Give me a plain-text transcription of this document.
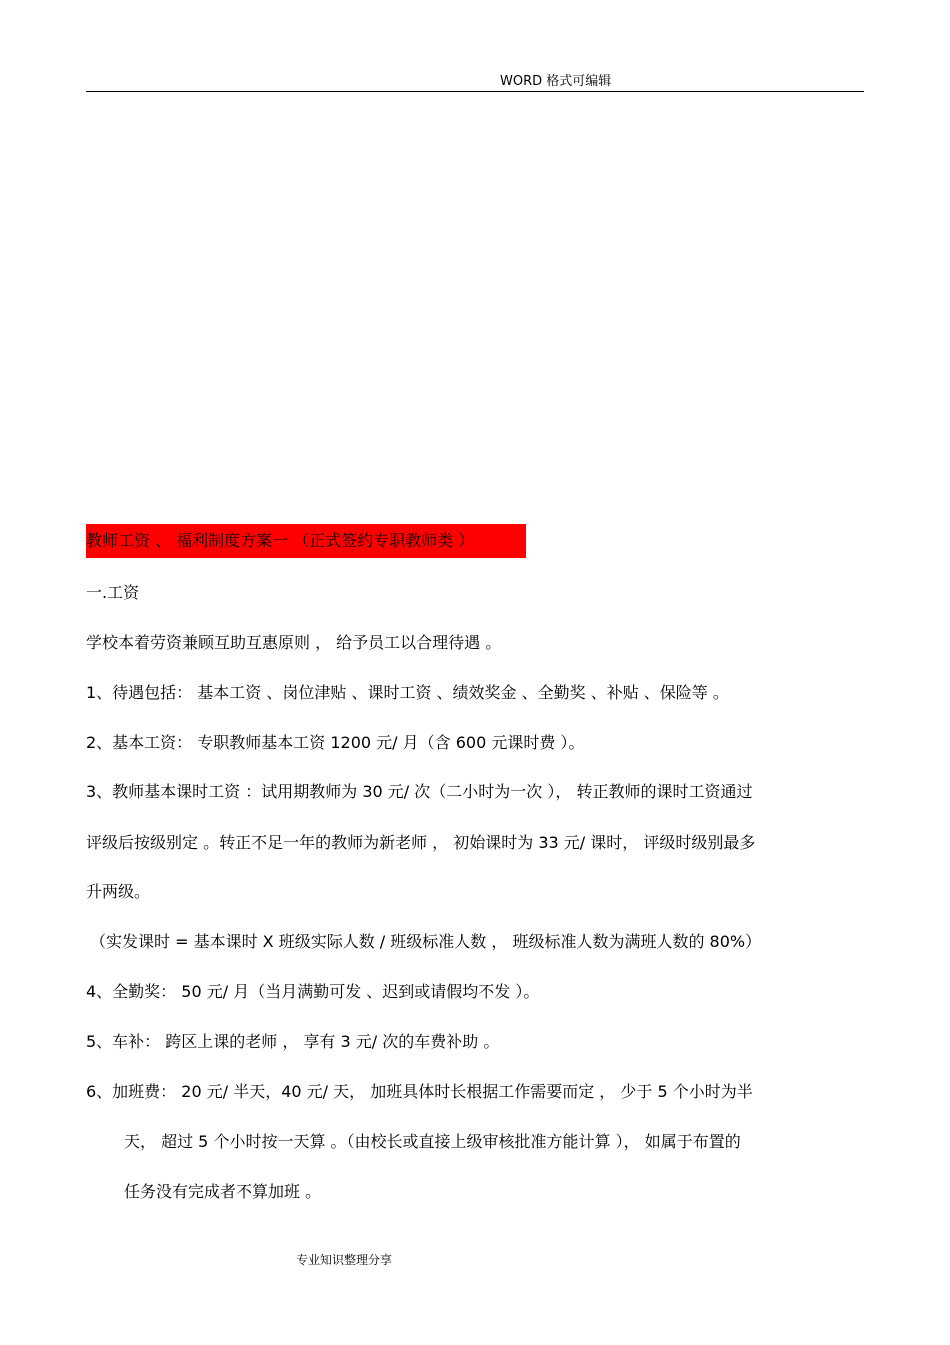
WORD 格式可编辑
教师工资 、 福利制度方案一 （正式签约专职教师类 ）
一.工资
学校本着劳资兼顾互助互惠原则 ， 给予员工以合理待遇 。
1、待遇包括： 基本工资 、岗位津贴 、课时工资 、绩效奖金 、全勤奖 、补贴 、保险等 。
2、基本工资： 专职教师基本工资 1200 元/ 月（含 600 元课时费 ）。
3、教师基本课时工资 ：试用期教师为 30 元/ 次（二小时为一次 ）， 转正教师的课时工资通过
评级后按级别定 。转正不足一年的教师为新老师 ， 初始课时为 33 元/ 课时， 评级时级别最多
升两级。
（实发课时 = 基本课时 X 班级实际人数 / 班级标准人数 ， 班级标准人数为满班人数的 80%）
4、全勤奖： 50 元/ 月（当月满勤可发 、迟到或请假均不发 ）。
5、车补： 跨区上课的老师 ， 享有 3 元/ 次的车费补助 。
6、加班费： 20 元/ 半天，40 元/ 天， 加班具体时长根据工作需要而定 ， 少于 5 个小时为半
天， 超过 5 个小时按一天算 。（由校长或直接上级审核批准方能计算 ）， 如属于布置的
任务没有完成者不算加班 。
专业知识整理分享
